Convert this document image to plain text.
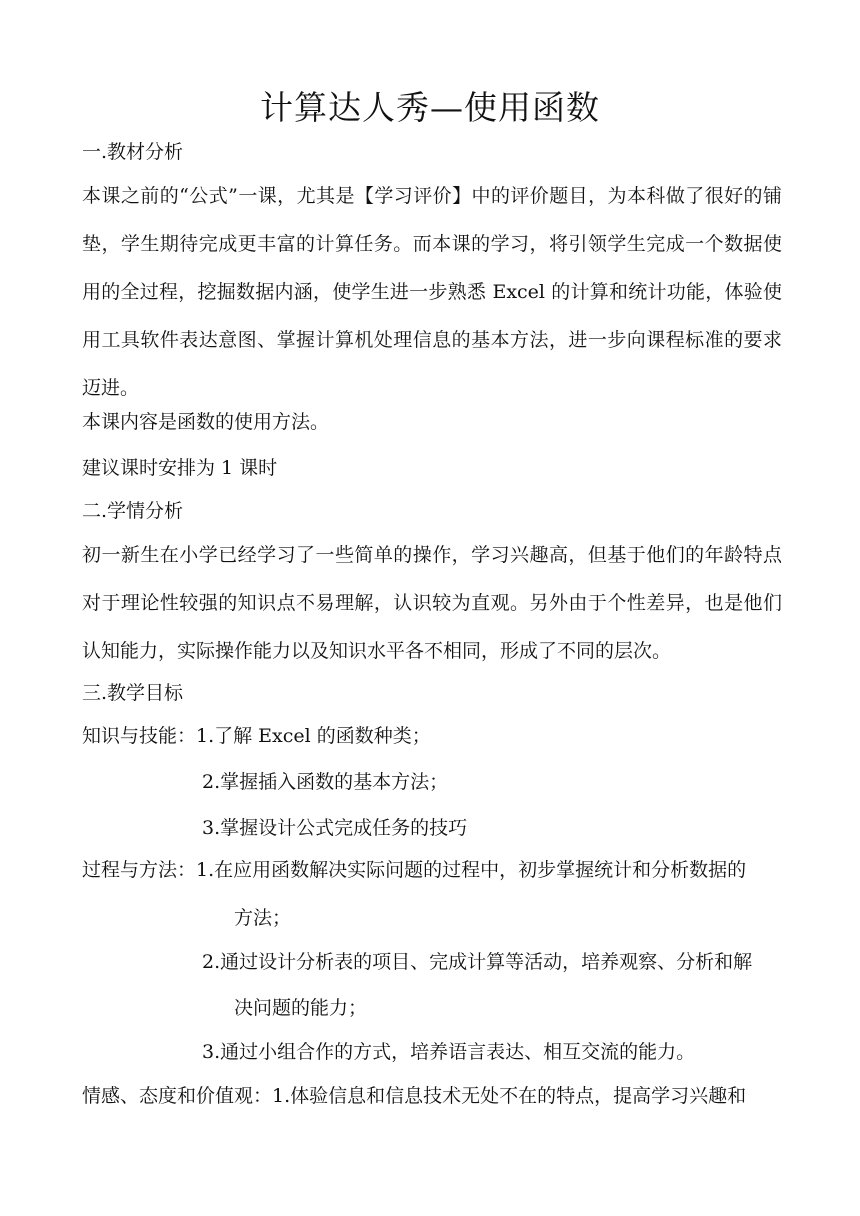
计算达人秀—使用函数
一.教材分析
本课之前的“公式”一课，尤其是【学习评价】中的评价题目，为本科做了很好的铺垫，学生期待完成更丰富的计算任务。而本课的学习，将引领学生完成一个数据使用的全过程，挖掘数据内涵，使学生进一步熟悉 Excel 的计算和统计功能，体验使用工具软件表达意图、掌握计算机处理信息的基本方法，进一步向课程标准的要求迈进。
本课内容是函数的使用方法。
建议课时安排为 1 课时
二.学情分析
初一新生在小学已经学习了一些简单的操作，学习兴趣高，但基于他们的年龄特点对于理论性较强的知识点不易理解，认识较为直观。另外由于个性差异，也是他们认知能力，实际操作能力以及知识水平各不相同，形成了不同的层次。
三.教学目标
知识与技能：1.了解 Excel 的函数种类；
2.掌握插入函数的基本方法；
3.掌握设计公式完成任务的技巧
过程与方法：1.在应用函数解决实际问题的过程中，初步掌握统计和分析数据的
方法；
2.通过设计分析表的项目、完成计算等活动，培养观察、分析和解
决问题的能力；
3.通过小组合作的方式，培养语言表达、相互交流的能力。
情感、态度和价值观：1.体验信息和信息技术无处不在的特点，提高学习兴趣和
